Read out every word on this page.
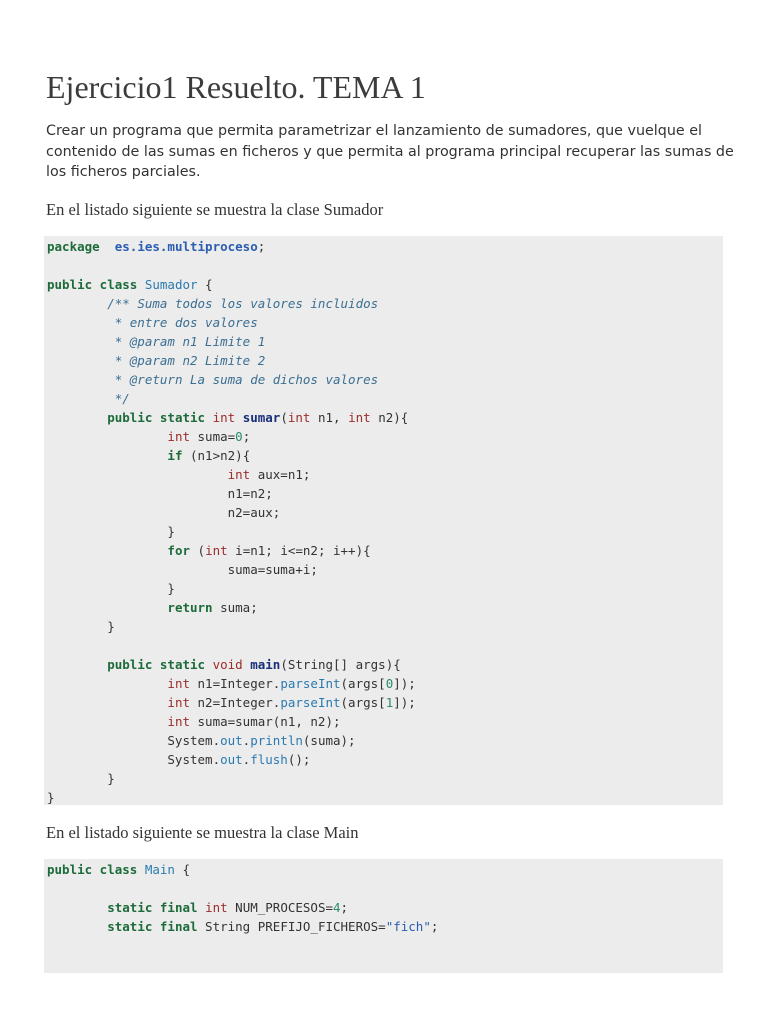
Ejercicio1 Resuelto. TEMA 1

Crear un programa que permita parametrizar el lanzamiento de sumadores, que vuelque el contenido de las sumas en ficheros y que permita al programa principal recuperar las sumas de los ficheros parciales.

En el listado siguiente se muestra la clase Sumador

package es.ies.multiproceso;

public class Sumador {
/** Suma todos los valores incluidos
* entre dos valores
* @param n1 Limite 1
* @param n2 Limite 2
* @return La suma de dichos valores
*/
public static int sumar(int n1, int n2){
int suma=0;
if (n1>n2){
int aux=n1;
n1=n2;
n2=aux;
}
for (int i=n1; i<=n2; i++){
suma=suma+i;
}
return suma;
}

public static void main(String[] args){
int n1=Integer.parseInt(args[0]);
int n2=Integer.parseInt(args[1]);
int suma=sumar(n1, n2);
System.out.println(suma);
System.out.flush();
}
}

En el listado siguiente se muestra la clase Main

public class Main {

static final int NUM_PROCESOS=4;
static final String PREFIJO_FICHEROS="fich";
